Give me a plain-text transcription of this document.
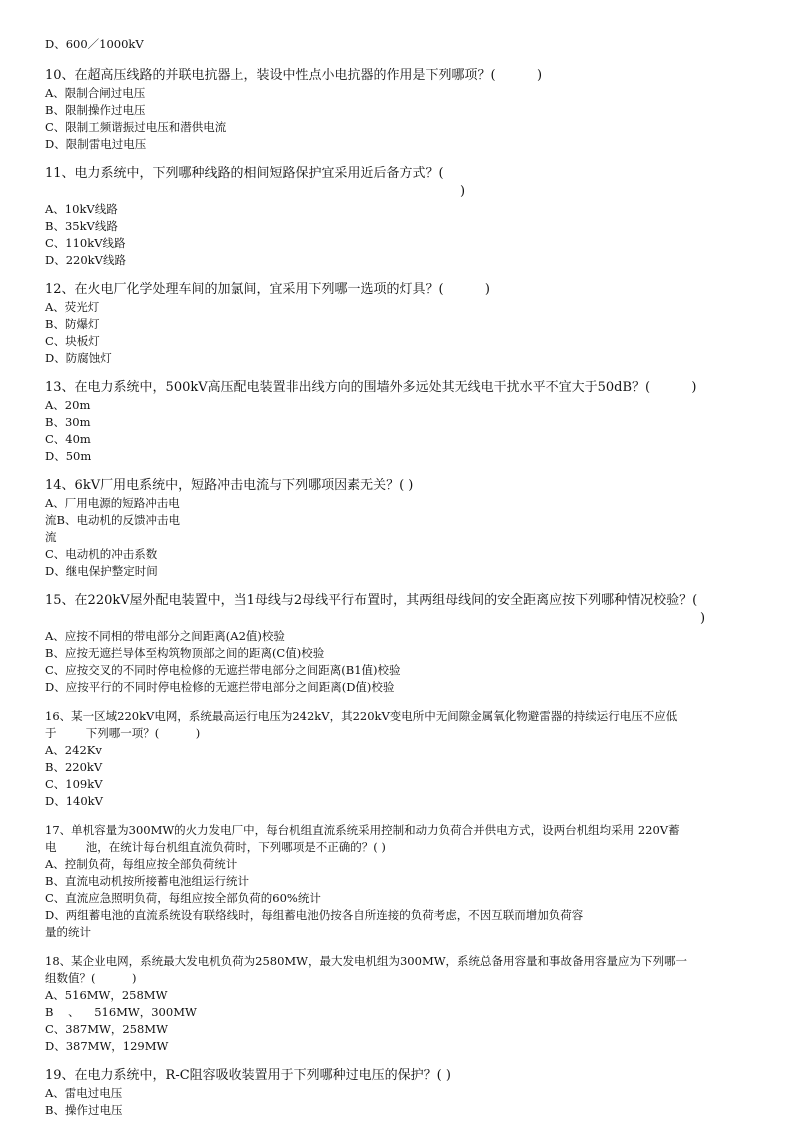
D、600／1000kV
10、在超高压线路的并联电抗器上，装设中性点小电抗器的作用是下列哪项？(          )
A、限制合闸过电压
B、限制操作过电压
C、限制工频谐振过电压和潜供电流
D、限制雷电过电压
11、电力系统中，下列哪种线路的相间短路保护宜采用近后备方式？(
)
A、10kV线路
B、35kV线路
C、110kV线路
D、220kV线路
12、在火电厂化学处理车间的加氯间，宜采用下列哪一选项的灯具？(          )
A、荧光灯
B、防爆灯
C、块板灯
D、防腐蚀灯
13、在电力系统中，500kV高压配电装置非出线方向的围墙外多远处其无线电干扰水平不宜大于50dB？(          )
A、20m
B、30m
C、40m
D、50m
14、6kV厂用电系统中，短路冲击电流与下列哪项因素无关？( )
A、厂用电源的短路冲击电
流B、电动机的反馈冲击电
流
C、电动机的冲击系数
D、继电保护整定时间
15、在220kV屋外配电装置中，当1母线与2母线平行布置时，其两组母线间的安全距离应按下列哪种情况校验？(
)
A、应按不同相的带电部分之间距离(A2值)校验
B、应按无遮拦导体至构筑物顶部之间的距离(C值)校验
C、应按交叉的不同时停电检修的无遮拦带电部分之间距离(B1值)校验
D、应按平行的不同时停电检修的无遮拦带电部分之间距离(D值)校验
16、某一区域220kV电网，系统最高运行电压为242kV，其220kV变电所中无间隙金属氧化物避雷器的持续运行电压不应低
于        下列哪一项？(          )
A、242Kv
B、220kV
C、109kV
D、140kV
17、单机容量为300MW的火力发电厂中，每台机组直流系统采用控制和动力负荷合并供电方式，设两台机组均采用 220V蓄
电        池，在统计每台机组直流负荷时，下列哪项是不正确的？( )
A、控制负荷，每组应按全部负荷统计
B、直流电动机按所接蓄电池组运行统计
C、直流应急照明负荷，每组应按全部负荷的60%统计
D、两组蓄电池的直流系统设有联络线时，每组蓄电池仍按各自所连接的负荷考虑，不因互联而增加负荷容
量的统计
18、某企业电网，系统最大发电机负荷为2580MW，最大发电机组为300MW，系统总备用容量和事故备用容量应为下列哪一
组数值？(          )
A、516MW，258MW
B    、    516MW，300MW
C、387MW，258MW
D、387MW，129MW
19、在电力系统中，R-C阻容吸收装置用于下列哪种过电压的保护？( )
A、雷电过电压
B、操作过电压
